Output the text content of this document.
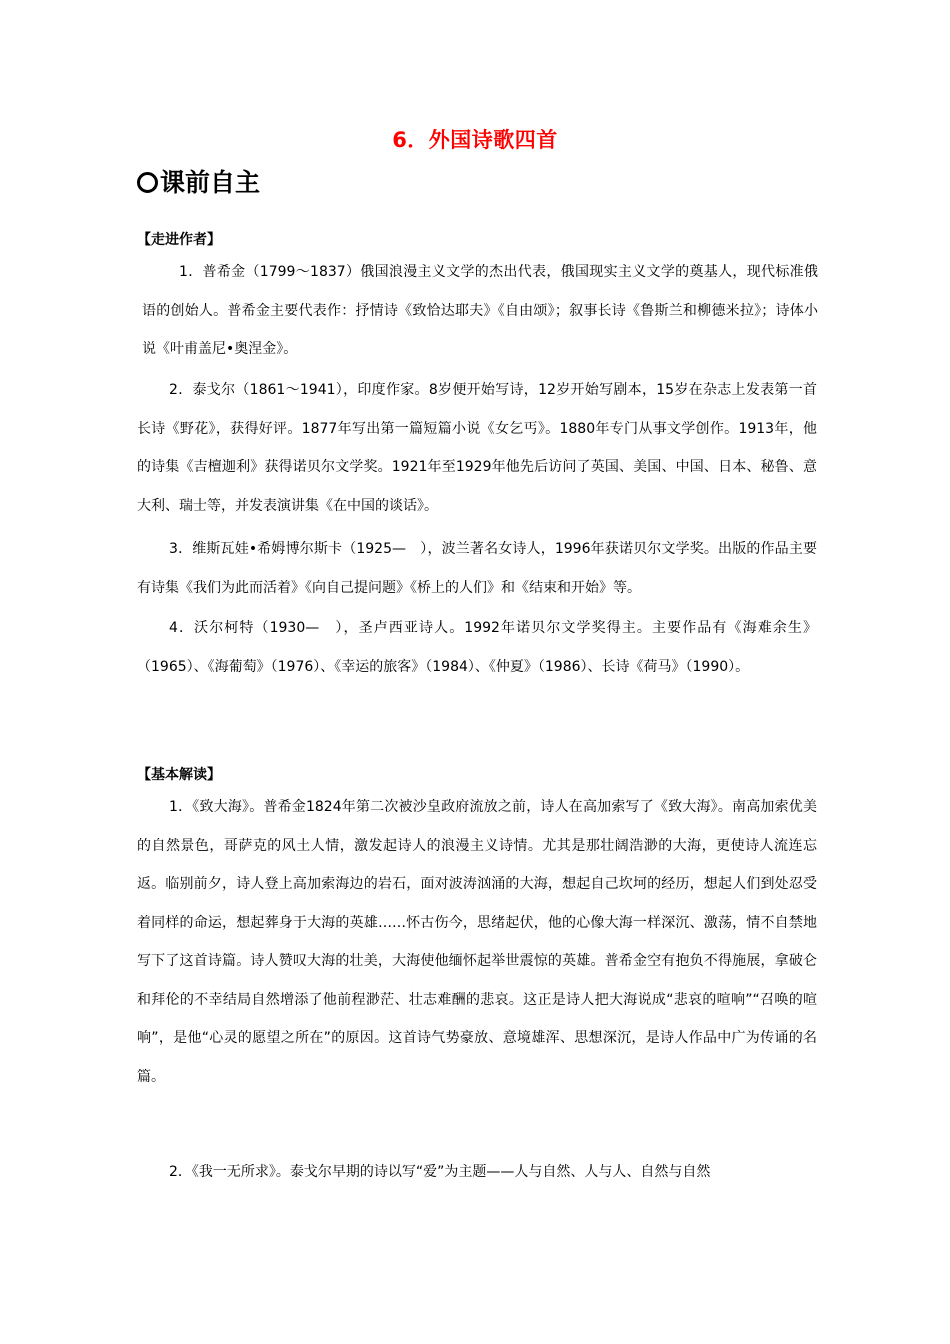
6．外国诗歌四首
课前自主
【走进作者】
1．普希金（1799～1837）俄国浪漫主义文学的杰出代表，俄国现实主义文学的奠基人，现代标准俄语的创始人。普希金主要代表作：抒情诗《致恰达耶夫》《自由颂》；叙事长诗《鲁斯兰和柳德米拉》；诗体小说《叶甫盖尼•奥涅金》。
2．泰戈尔（1861～1941），印度作家。8岁便开始写诗，12岁开始写剧本，15岁在杂志上发表第一首长诗《野花》，获得好评。1877年写出第一篇短篇小说《女乞丐》。1880年专门从事文学创作。1913年，他的诗集《吉檀迦利》获得诺贝尔文学奖。1921年至1929年他先后访问了英国、美国、中国、日本、秘鲁、意大利、瑞士等，并发表演讲集《在中国的谈话》。
3．维斯瓦娃•希姆博尔斯卡（1925—　），波兰著名女诗人，1996年获诺贝尔文学奖。出版的作品主要有诗集《我们为此而活着》《向自己提问题》《桥上的人们》和《结束和开始》等。
4．沃尔柯特（1930—　），圣卢西亚诗人。1992年诺贝尔文学奖得主。主要作品有《海难余生》（1965）、《海葡萄》（1976）、《幸运的旅客》（1984）、《仲夏》（1986）、长诗《荷马》（1990）。
【基本解读】
1．《致大海》。普希金1824年第二次被沙皇政府流放之前，诗人在高加索写了《致大海》。南高加索优美的自然景色，哥萨克的风土人情，激发起诗人的浪漫主义诗情。尤其是那壮阔浩渺的大海，更使诗人流连忘返。临别前夕，诗人登上高加索海边的岩石，面对波涛汹涌的大海，想起自己坎坷的经历，想起人们到处忍受着同样的命运，想起葬身于大海的英雄……怀古伤今，思绪起伏，他的心像大海一样深沉、激荡，情不自禁地写下了这首诗篇。诗人赞叹大海的壮美，大海使他缅怀起举世震惊的英雄。普希金空有抱负不得施展，拿破仑和拜伦的不幸结局自然增添了他前程渺茫、壮志难酬的悲哀。这正是诗人把大海说成“悲哀的喧响”“召唤的喧响”，是他“心灵的愿望之所在”的原因。这首诗气势豪放、意境雄浑、思想深沉，是诗人作品中广为传诵的名篇。
2．《我一无所求》。泰戈尔早期的诗以写“爱”为主题——人与自然、人与人、自然与自然
